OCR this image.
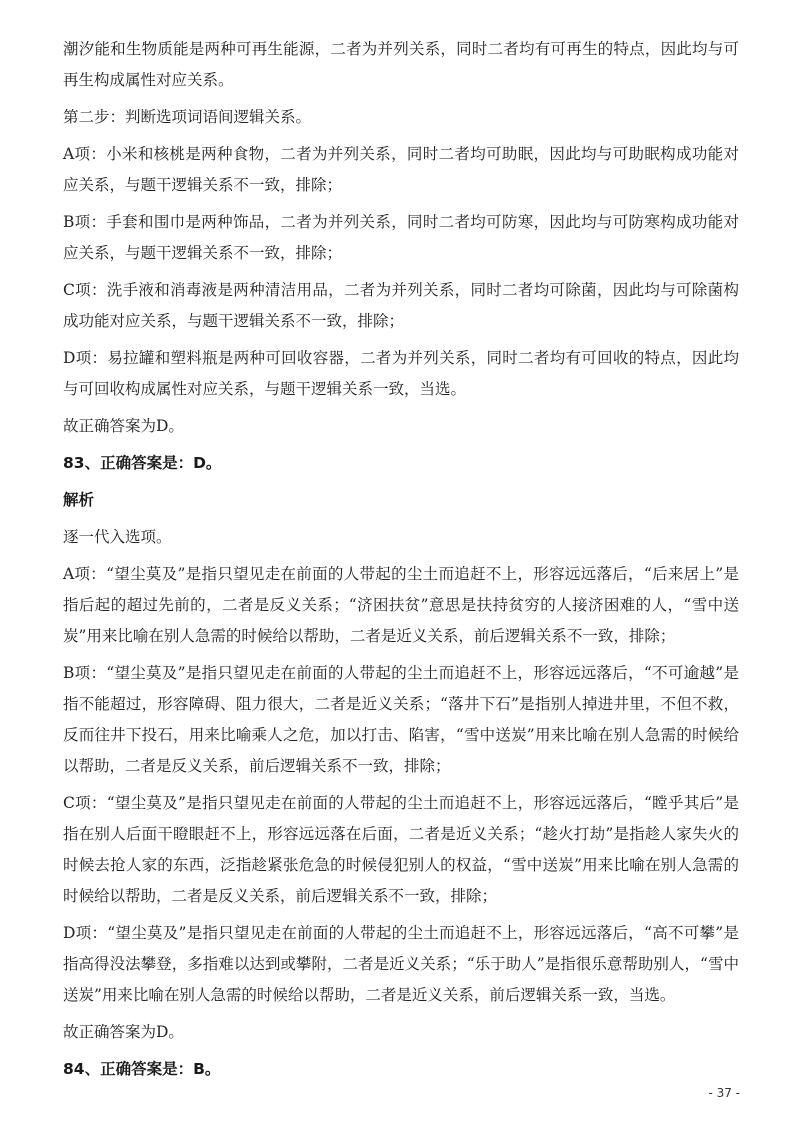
潮汐能和生物质能是两种可再生能源，二者为并列关系，同时二者均有可再生的特点，因此均与可再生构成属性对应关系。

第二步：判断选项词语间逻辑关系。

A项：小米和核桃是两种食物，二者为并列关系，同时二者均可助眠，因此均与可助眠构成功能对应关系，与题干逻辑关系不一致，排除；

B项：手套和围巾是两种饰品，二者为并列关系，同时二者均可防寒，因此均与可防寒构成功能对应关系，与题干逻辑关系不一致，排除；

C项：洗手液和消毒液是两种清洁用品，二者为并列关系，同时二者均可除菌，因此均与可除菌构成功能对应关系，与题干逻辑关系不一致，排除；

D项：易拉罐和塑料瓶是两种可回收容器，二者为并列关系，同时二者均有可回收的特点，因此均与可回收构成属性对应关系，与题干逻辑关系一致，当选。

故正确答案为D。

83、正确答案是：D。

解析

逐一代入选项。

A项：“望尘莫及”是指只望见走在前面的人带起的尘土而追赶不上，形容远远落后，“后来居上”是指后起的超过先前的，二者是反义关系；“济困扶贫”意思是扶持贫穷的人接济困难的人，“雪中送炭”用来比喻在别人急需的时候给以帮助，二者是近义关系，前后逻辑关系不一致，排除；

B项：“望尘莫及”是指只望见走在前面的人带起的尘土而追赶不上，形容远远落后，“不可逾越”是指不能超过，形容障碍、阻力很大，二者是近义关系；“落井下石”是指别人掉进井里，不但不救，反而往井下投石，用来比喻乘人之危，加以打击、陷害，“雪中送炭”用来比喻在别人急需的时候给以帮助，二者是反义关系，前后逻辑关系不一致，排除；

C项：“望尘莫及”是指只望见走在前面的人带起的尘土而追赶不上，形容远远落后，“瞠乎其后”是指在别人后面干瞪眼赶不上，形容远远落在后面，二者是近义关系；“趁火打劫”是指趁人家失火的时候去抢人家的东西，泛指趁紧张危急的时候侵犯别人的权益，“雪中送炭”用来比喻在别人急需的时候给以帮助，二者是反义关系，前后逻辑关系不一致，排除；

D项：“望尘莫及”是指只望见走在前面的人带起的尘土而追赶不上，形容远远落后，“高不可攀”是指高得没法攀登，多指难以达到或攀附，二者是近义关系；“乐于助人”是指很乐意帮助别人，“雪中送炭”用来比喻在别人急需的时候给以帮助，二者是近义关系，前后逻辑关系一致，当选。

故正确答案为D。

84、正确答案是：B。

- 37 -
